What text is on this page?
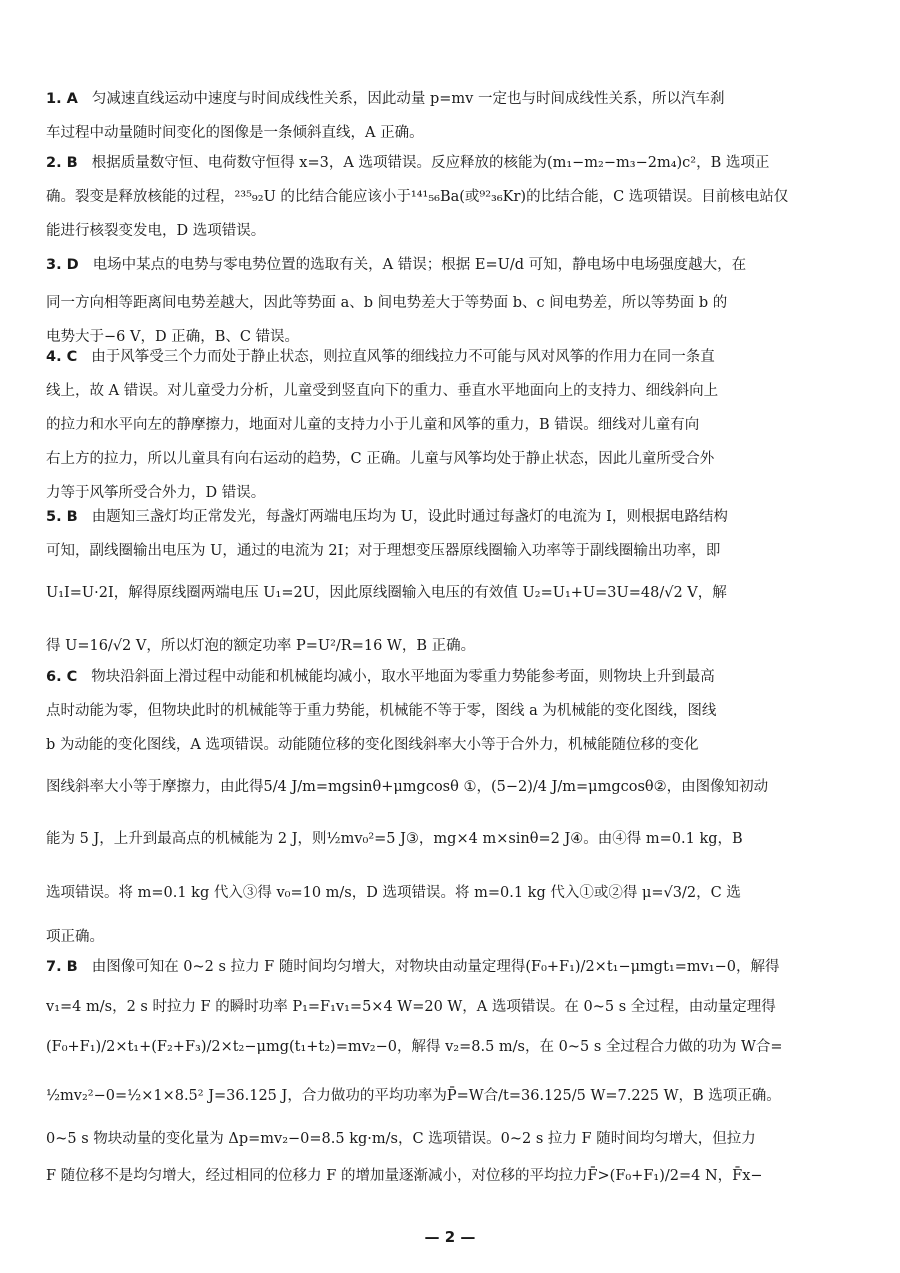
1. A 匀减速直线运动中速度与时间成线性关系，因此动量 p=mv 一定也与时间成线性关系，所以汽车刹
车过程中动量随时间变化的图像是一条倾斜直线，A 正确。
2. B 根据质量数守恒、电荷数守恒得 x=3，A 选项错误。反应释放的核能为(m₁−m₂−m₃−2m₄)c²，B 选项正
确。裂变是释放核能的过程，²³⁵₉₂U 的比结合能应该小于¹⁴¹₅₆Ba(或⁹²₃₆Kr)的比结合能，C 选项错误。目前核电站仅
能进行核裂变发电，D 选项错误。
3. D 电场中某点的电势与零电势位置的选取有关，A 错误；根据 E=U/d 可知，静电场中电场强度越大，在
同一方向相等距离间电势差越大，因此等势面 a、b 间电势差大于等势面 b、c 间电势差，所以等势面 b 的
电势大于−6 V，D 正确，B、C 错误。
4. C 由于风筝受三个力而处于静止状态，则拉直风筝的细线拉力不可能与风对风筝的作用力在同一条直
线上，故 A 错误。对儿童受力分析，儿童受到竖直向下的重力、垂直水平地面向上的支持力、细线斜向上
的拉力和水平向左的静摩擦力，地面对儿童的支持力小于儿童和风筝的重力，B 错误。细线对儿童有向
右上方的拉力，所以儿童具有向右运动的趋势，C 正确。儿童与风筝均处于静止状态，因此儿童所受合外
力等于风筝所受合外力，D 错误。
5. B 由题知三盏灯均正常发光，每盏灯两端电压均为 U，设此时通过每盏灯的电流为 I，则根据电路结构
可知，副线圈输出电压为 U，通过的电流为 2I；对于理想变压器原线圈输入功率等于副线圈输出功率，即
U₁I=U·2I，解得原线圈两端电压 U₁=2U，因此原线圈输入电压的有效值 U₂=U₁+U=3U=48/√2 V，解
得 U=16/√2 V，所以灯泡的额定功率 P=U²/R=16 W，B 正确。
6. C 物块沿斜面上滑过程中动能和机械能均减小，取水平地面为零重力势能参考面，则物块上升到最高
点时动能为零，但物块此时的机械能等于重力势能，机械能不等于零，图线 a 为机械能的变化图线，图线
b 为动能的变化图线，A 选项错误。动能随位移的变化图线斜率大小等于合外力，机械能随位移的变化
图线斜率大小等于摩擦力，由此得5/4 J/m=mgsinθ+μmgcosθ ①，(5−2)/4 J/m=μmgcosθ②，由图像知初动
能为 5 J，上升到最高点的机械能为 2 J，则½mv₀²=5 J③，mg×4 m×sinθ=2 J④。由④得 m=0.1 kg，B
选项错误。将 m=0.1 kg 代入③得 v₀=10 m/s，D 选项错误。将 m=0.1 kg 代入①或②得 μ=√3/2，C 选
项正确。
7. B 由图像可知在 0~2 s 拉力 F 随时间均匀增大，对物块由动量定理得(F₀+F₁)/2×t₁−μmgt₁=mv₁−0，解得
v₁=4 m/s，2 s 时拉力 F 的瞬时功率 P₁=F₁v₁=5×4 W=20 W，A 选项错误。在 0~5 s 全过程，由动量定理得
(F₀+F₁)/2×t₁+(F₂+F₃)/2×t₂−μmg(t₁+t₂)=mv₂−0，解得 v₂=8.5 m/s，在 0~5 s 全过程合力做的功为 W合=
½mv₂²−0=½×1×8.5² J=36.125 J，合力做功的平均功率为P̄=W合/t=36.125/5 W=7.225 W，B 选项正确。
0~5 s 物块动量的变化量为 Δp=mv₂−0=8.5 kg·m/s，C 选项错误。0~2 s 拉力 F 随时间均匀增大，但拉力
F 随位移不是均匀增大，经过相同的位移力 F 的增加量逐渐减小，对位移的平均拉力F̄>(F₀+F₁)/2=4 N，F̄x−
— 2 —
